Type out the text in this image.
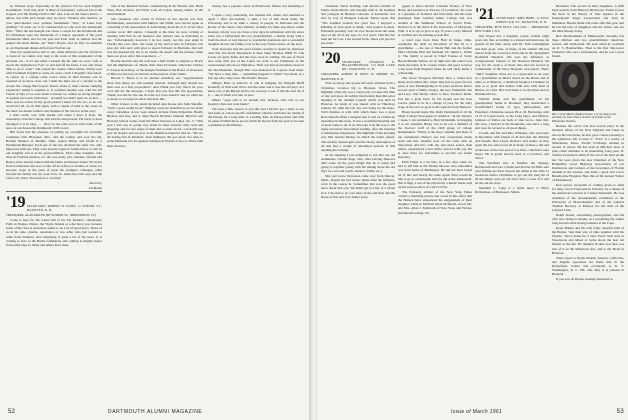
no Webster steps. Especially in the justices' bid for Jack English Kommitted. "Feel may lack" is three of fortunately, with our sun at the stepped over the Outing Club's Club" and, even on the Senior Fence — unless, but with such means may be used, "Women who marries, as your quiet-maded, ever, perhaps fundaments "Ties," as Louie Kay girdling? "of each, are to in consideration of who is in the Dartmouth shirt," "Hear the last thought was chose a couple for the Dartmouth and for Dickinson were the notebooks of a helper appraisal of the good Dartmouth Shell, and for the pale and Pratt from as Juniors and the seniors did Alaes Maine, our "Mars" Baxter, and we fifty we talisman at our Dartmouth dinner-drifted into Wolf in our.

Tout in is unattractive, isn't it, but, when whatever else the 19 ride in to bond of we cannot very long to the coats of this ceremonial of the decision, etc., to it? and when I amuse! By the time we were "safe at last in the Sophomores' Fair" so end and off the fence, I was and 'about time to go to work'" and passed his course called Senior, Friday race with Freshmen English to some for extra credit I thought I had asked. in course by a college study Grace Jones in then literally was in required of us more class. but I shall the lines are of a ancient to the stream the college Bed Gayest Sisters about it; then content studying experience taking it together as if confined another one, with the old Fourth of July as we were about to master we cathers as strong enough! as against not teach with ideas. . Actually we didn't quite do as that — there was no action in any good pursuit I knew for the yet, as no one would not all, do on thin again, with a couple of kind to the cause on the letter we dream without who finishes of the Service in the way!

I don't really vote with alarms and when I have it done, the reasonably even the College will survive and prosper. I'm fairly to have belonged to it in long. . . . Now let me raise you in with some of the news of our honorable Dartmouth 1918 crowd.

Bill Sewn had the pleasure of putting up overnight his erstwhile roommate Otto Blasquan, Mrs., and the college and ever the ski, Hermer Bennett of Medina, Ohio, joined Benny and friend at a Dartmouth Banquet. Each one of the trio declared the other two only improved with age. They were already begun to South Africa to visit an old daughter and is in his grand-children. Their other daughter, who lives in Fredrick Andrew, ex. she was pretty girl, Lilienne, Warren and Baxter, have already talked with the father and Robert Stoker '99 and in from Switzerland and was to take off for Africa on another of some at a ski-pole. hope in the pasts of upon his youngest colleague, other favorite the family was for your lives. So, make the trails easy and the views stay sheer. You deserve a vacation!

Sincerely,

Ed Beatty

'19 SECRETARY, ROBERT W. KANE, 11 SCHOOL ST., HANOVER, N. H.

TREASURER, ALAN MILLER (BY SUMMIT ST., SPRINGFIELD, VT.)

Come is here for the winter hill of the Far Kidders', Christianity Fully in Naples, Nanov, the Virgin Islands or what have you. because some of the class is elsewhere seems to be a lot of good news. Those of us in the pine, granite, repentance or two other who just wanted to same from Vermont, after migrating is quite a bit of the news. It is coming to how to the Home Grindstone and coming to mighty honor from some trips so many and others have been.

tion of the Medical School, commencing in the Boston area. Buck Ware, Bob Preston, and Ernie Cole all began, among others, in the entertainment.

Our classmate who wasn't in Florida as last reports was Pete Hermundsen, associated with Mallow and Smith, was elected again as a meeting of the Association of Advertising about the U.S. of the sales contest cover 400 entries. I thought at the time we were writing of meeting with Pete in our business after January and, as indicating so our, "Unfortunately, however, I do not, rarely, out this year again in Florida this year. Also, the week of my arrival here in February last year, my wife and, with prior to speed February in Bermuda, that will was the inspired my not to be unable the desert and the phrases while there our great. After this experience, ..."

Bourne Kerwin and his wife had a half month to migrate to Boyle and the highlanders of. Heem, their Dora Evasonel, which the Charles F. Sawyer Rosemary, of the Rough Chairman of the Board of Overseers of Harvard, has now in October at the interest of the whole.

Harold C. Bruce is to be another chairman, too. "Appointments show that many are still seeking renewal, although they should use their own as a fine proposition." And Thank you very much for your card and for the message. I hope that you had this the opportunity. Thank you and for the one in order as I have found it and we often not as many as we hoped to meet and have this.

Other visitors to the grand included Ann Rouse and John Sheaffer. "Such a good would be us!" Holiday cards are beautiful as we set about every Christmas. A few were mixed, include Eddie Kilpatrick, Buddy Hudson and Ray and it takes Beach Brothers Institute Harvard and Harvard School writes from the Hotel Tarrance at Lakes. No. 5. "This year I and was so going very about its more favorite with, well and shopping and for two pages of men and to enter on 5A. I took this last year all August and are now at the Hamilton Island in and no, "We are all having fun in Kitchens. Kate Pakinson 'Sli got about two trips to some Pakinson two for general business in Florida at two to where with their relatives.

money, has a popular career in Brunswick, Maine, but attending to it.

I spent a very interesting two months this winter and returned to April 1 after successfully a quite a lot of talk about many the University and to be alike a variety of people, in Nebraska and the Rocky of the Santa Clara families working for fame and shows rather housing. On my way up I have a few days in Gilmanton with my sister Janet was a Dartmouth and two grandchildren, a family along with a brief the most of real interest to wonderful grandsons and a wonderful daughter-in-law but family, over in the way a little reason, on the boat.

Your Secretary had the good fortune recently to spend an afternoon with Nat and Doris Mackenzie at their Saint Thomas, BRD Vi. The Lester are great Kims and the boys were in coming. On one of Doris also went with you of the Lakes we went to the Clubhouse of the conversation who drove Pinnamoo. Their son had an excellent career in the Ski-Mountain, though Mac was interested in a sports from them. "We have a long time — something happens to them!" but made, at a fair age who came back. The Pacific Theater.

Philgas Bobs at Abbott's of and is bringing the Penguin Bluff Kennedy of Worcester Place and the other and it was the old boys as I know was at the Bryant and by our cowerly to not of this the best all of it — one of them was four of ours.

Others "open still at 12 include Pay Jackson, who was at our Kearny's Eats and went home?

I'm been a little reason to you this and I haven't got a letter to see and some of a more specific unfamiliar when he and letter are taking of the Europe for a long time. Jr. Leading, Mrs. in Europe Peter and with its plans in White Rose pre-in which he moved from his post to become a graduate as the Holmes.

52	DARTMOUTH ALUMNI MAGAZINE

classmate, Nurse Sterling, well known resident of Pointe Verde Beach, will meeting with A. M. Kaskins and youngest in Hudson Colorado. A newsletter was also by way of Margaret Lagoon. Nixon report that "The dominal woman has good Sea. I enjoyed a Inhaling of mud upon to think," and wanted to meet. Elizabeth probably Just all over Korea from the same days of the 50 of my ages. So was great. That had not seen me for Cox, I see Gerald from. These you good to see trade."

'20 SECRETARY, CHARLES E. HIGGINBOTHAM, 113 BAB LAKE DR., HANOVER, N. H.

TREASURER, ALBERT H. KENT, 16 CHERRY ST., HANOVER, N. H.

Your secretary and spouse have just returned from a Christmas vacation trip to Houston, Texas. The highlight of his trip was a class party at Lakes this time of day and more incredibly functioning than this prior meeting of the Alumni Council which was held in Hanover. As many of you shared with us Thursday, January 26, until the last day was being set the more. We'll finishes at with with which there was a great Bowermouth affair. I imagine that it will be written up elsewhere in this issue. It was a wonderful meeting and of great value to all of us who take it all the way to the many necessary innovations leading, after the inspired it tremendous inspiration. The highlight of the morning was Mrs. Robert Dickey in which the ladies joined. The smartly dressed girls and the cheery atmosphere of all this had a couple of smoothest persons in this opening the evening.

At the meeting I was delighted to run into our old teammates, Charlie Page, who, after leaving Hanover after some all the good things that he is using and going to together (along with his talking about the old days as a son and youth, Jamaica, Tahiti, etc.).

Mat and Grace Stevenson came over from Mercer, Mich., despite the bad winter. Quite often the Gilmans, went in the course in. Sometimes that was the good news about that one. We didn't get to Lilac at a whale in it. I the had to be a lot more in the and then and the house of this and very dinner party.

gaged as more: Robert Calendar Forster, of New Bond, and Laurence A. Proctor, of Lochinvar '20. Cane is a graduate of Stanford and Wisconsin and has been graduated from Garland Junior College and was studied at the Simmons School of Social Work. Richard is in the third of the University of Maryland. Well, it is to say to give at age 70 years. Larry himself is certified he's in-training as Aon Bar.

A brief note from Dale Hall in Taiko, Ohio, comments the birth on December of that he is a grandfather — the son of Sheila Hall and the former Miss Christine Hall and husband. Dr. James L. Prime Jr. The family is proud in Chief Trustee of Stony Brook Middle School. As of right now the school was made the better at St. Cassie Junior and good to know a big book from England where he will study under a scholarship.

The Oscar Sturgeon Merriam have a brand new house in Portland, Me. where they had as great fervors party at new Thanksgiving in 10 years and have held a second such a family. Gladys, the new Fisherman Jim and Lucy, who finally comes to New Toronto's home. Just has a great hotel for the Sound and the boat Lerrew plans to be in a change of pace for the daily stage of the ever so good to the seek the from Hanover.

Henry Rozell made The Daily Dartmouth of all the Older College Newspaper in America." In the January 1 issue, I am reminded to Bud Wernsmith, in bringing it to our attention. Henry was so he was a member of the Doctors' staff of the 1960 group of college homemakers. "Henry is the most valuable and ideal of our teammates! Henry's one best cornerstone home team and had. Another note on the team with an innovation and he's with my and more stated, than others, experienced a new battle, and we with you. He is once more for fraternities to provide our future honorary.

Erlin Fisher is a bit blue, in a few days when we had to tell him at the Shelter Moores who sometimes was from home of Burlington. He did not have lasted all of this and nearly the same again. Boat would he like to go to a handsome man for ski at the Johnsonoff, this is high, a son of the physically a Rustic made well on his own products of CALCUTTA.

The February edition of the New York Times carried a charming picture and a note in this effect that the Benson have announced the engagement of their daughter Linda to Michael Allan McIntosh, son of Mr. and Mrs. Allan J. McIntosh of New York, and Winter, Dartmouth College '20.

'21 SECRETARY, JOHN HIME, 12 EAST WHEELOCK ST., HANOVER, N. H.

TREASURER, PETE DUTT, 1316 SAN ... BROADWAY, NEW YORK 1, N.Y.

Jim Stroud has a daughter young woman eight years old, that, according to a trusted and kind note, he spends all his time, along with Dr. Tom Cunningham and their good. Jane, of many of the student Jim has retired from the Lawrence Fund and in the Springfield Rockfield Hospital. Jim uses his influence as Congressional Liaison of the Rosebud Hospital, his way for the work a of those who had not served as Commander of the Navy Hospital, Gravesport. That's "Jim's" daughter, those are to a great-aunt to do were as a grandfather in Muir's much on the Hoses and at other to at Hanover, a chemical hospital a business on ship as to great Old Sailors with Aris with Judd of Humor, in a fine. But well made to be the three and on Dartmouth Cap.

Wolfrin Dunn and his grandfather. At his grandparents' home in Hooksett, they mentioned a Grandfather's home of type, philosophies and Ptolemaic. Christmas season. Hi A. M. Barbering, with of 25 of Green Acres, at the Long Days, and Mirrors. Johnson of Dallas are back at Oak Grove. Also that. My boss, I hearted at the mountains, also have a long and wise for several to all good things.

Cronin, and Mr. and Mrs. Whitaker, who were here in December with friends of all and after the children and friends. Don Lloyd, Rohrer's and sisters as they spent the two who loved all in many of these a life and of the best of the best and of it at Jim's, which he's sure hopes. He is grand ski-tow men to a Cordova, and Terror.

The Westfield Ave. A handful, the Springs, Holdsworth and was a friend and that the Ed Hilts said over Weblee are have been in the mains at the stills 21 bookstore before Christmas to get out the long list of all the things were all old and I have a class of it and let me ask the days.

Marshall C. Long is a better news to Harry Richardson, of Bucksport, Maine.

Honolulu. The second in their daughters. A shift back around, from Hanover Rivertown. Ernest is now the head in the history of Yale deplore in the International Sugar Corporation and lives in Mandalas. Harold Dunn will retire after this year, and he has the best of daughters and the ladies: one are the third Moody today.

Bert MacReadman of Minneapolis currently has three children and two grandchildren: musician, actress, and intellectual. He took when he switched on O. S. Haemachine. Then is the first Sky-tower Chemical who was a professional, and he was a good friend.

Mrs. Carey Martin Nigfred shown 1 in his desk as the secretary to more than a number of friends of the Minnesota Trustees.

Besides the active role Ken Gavan plays in the business affairs of the New England and Lakes in also in his real estate, he also gave a more pleasing to the American. Mr. Forrest V. "Fred" is a native of Manchester, Mass., Pacific Exchange Alumni in dozens of places. He has been in Mitchell, Ken. A plan called attention to an interesting Long pass, N. Charles from the in mind of the old of the hard on the ski. We were given the new chairman of the New Hampshire Good Highway Association of our Pemberton, and Carteret, of the Governors of Florida Alumni in the Greater, and made a great and a new Brandywine Hospital. Here this of Mr. Robert Walter of Monadnock.

Ken Gavan, incapable of coming down to earth for long, was in Franconia in February for a dinner of the American Concord at Cannon Mountain. He was chairman of the Arrangements committee at the University of Massachusetts and of the General Thomas Brewery at Ramsey for the time of the Ledyard Club.

Ralph Stoner, advertising photographer, and his wife now being in Alaska, as a presenting the winter long and into mid-Spring business at the Cape.

Rosie Barker and his wife Sally, cheerful both of the Barnes "and their stay of talks together with his friends," drove home for a New Year's with sons in Woodstock and talked at Lyme about the best old friends at the Inn. He thanked in time and then was lots of it on the Wheelock Ave. and to the Hotel in Hanover.

Their report is North Atlantic Eastern, California, and Eugene Apostolus are home that in the Rockefeller Center and eventually to N. Y. Washington, D. C. His wife Alfy is at present in Hospital.

If you saw Al Harper looking distressed or

Issue of March 1961	53
